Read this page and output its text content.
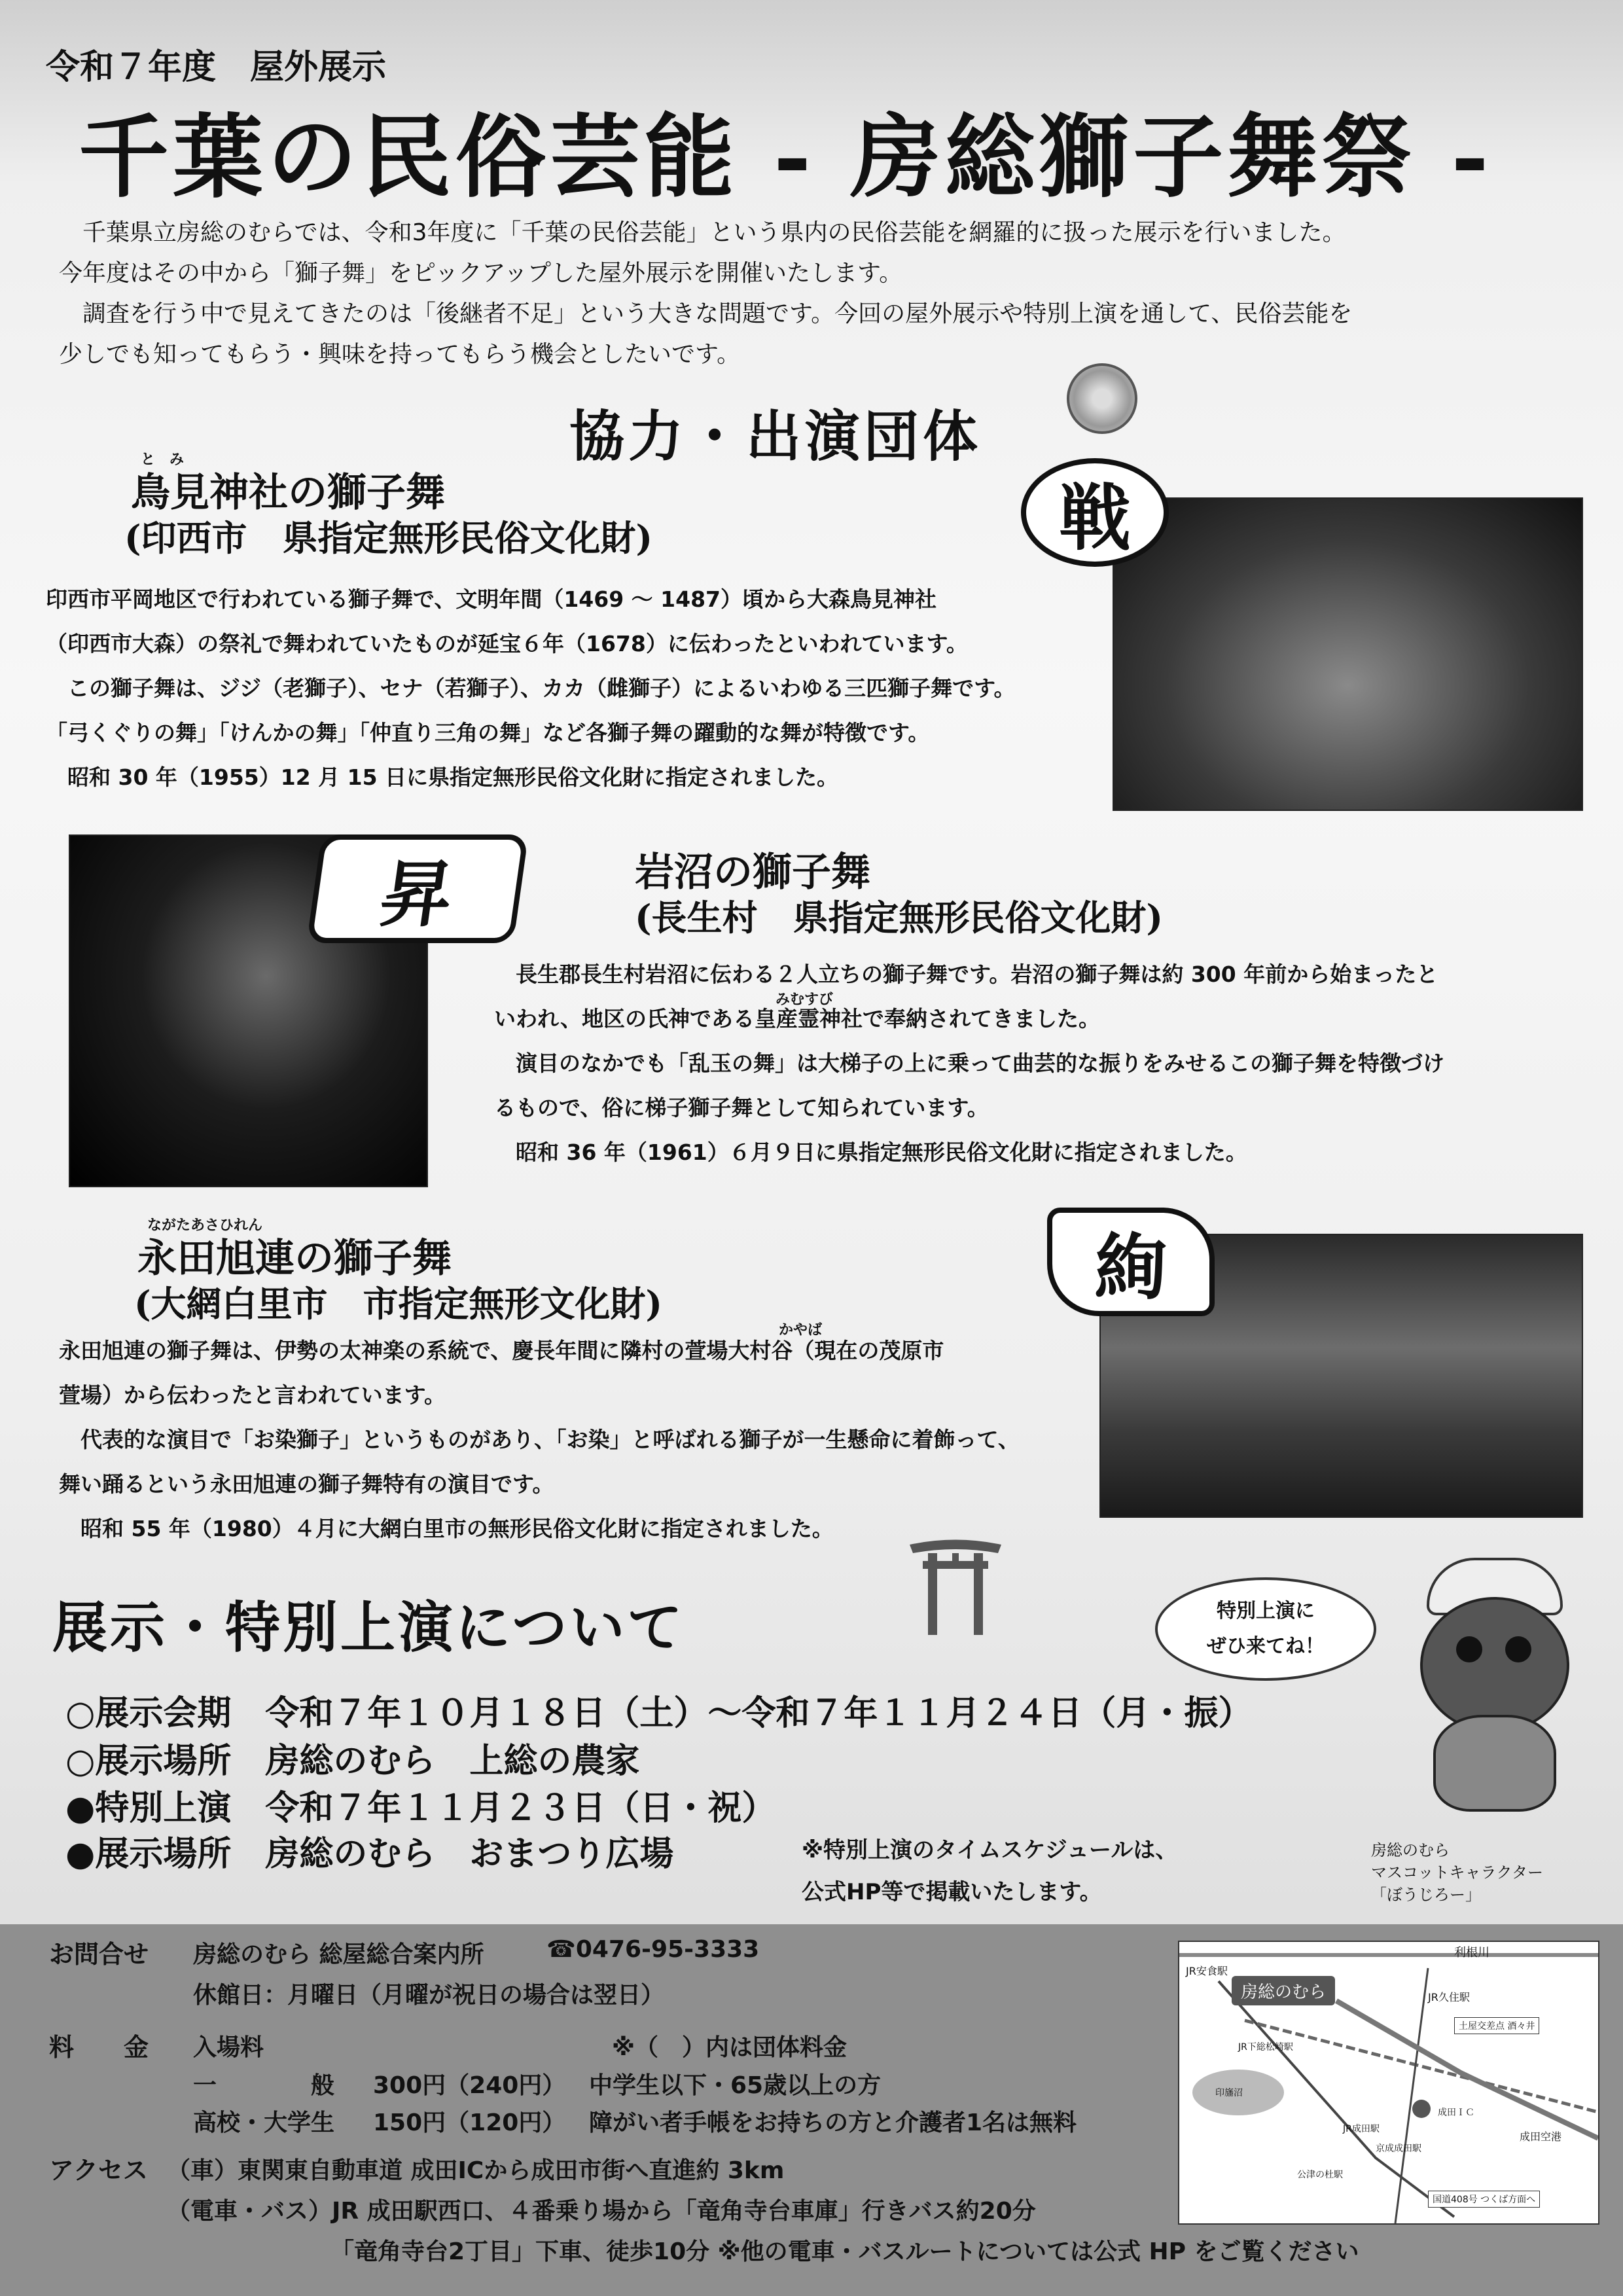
令和７年度　屋外展示
千葉の民俗芸能 - 房総獅子舞祭 -
千葉県立房総のむらでは、令和3年度に「千葉の民俗芸能」という県内の民俗芸能を網羅的に扱った展示を行いました。
今年度はその中から「獅子舞」をピックアップした屋外展示を開催いたします。
調査を行う中で見えてきたのは「後継者不足」という大きな問題です。今回の屋外展示や特別上演を通して、民俗芸能を
少しでも知ってもらう・興味を持ってもらう機会としたいです。
協力・出演団体
と　み
鳥見神社の獅子舞
(印西市　県指定無形民俗文化財)
印西市平岡地区で行われている獅子舞で、文明年間（1469 ～ 1487）頃から大森鳥見神社
（印西市大森）の祭礼で舞われていたものが延宝６年（1678）に伝わったといわれています。
この獅子舞は、ジジ（老獅子）、セナ（若獅子）、カカ（雌獅子）によるいわゆる三匹獅子舞です。
「弓くぐりの舞」「けんかの舞」「仲直り三角の舞」など各獅子舞の躍動的な舞が特徴です。
昭和 30 年（1955）12 月 15 日に県指定無形民俗文化財に指定されました。
戦
昇	岩沼の獅子舞
(長生村　県指定無形民俗文化財)
みむすび
長生郡長生村岩沼に伝わる２人立ちの獅子舞です。岩沼の獅子舞は約 300 年前から始まったと
いわれ、地区の氏神である皇産霊神社で奉納されてきました。
演目のなかでも「乱玉の舞」は大梯子の上に乗って曲芸的な振りをみせるこの獅子舞を特徴づけ
るもので、俗に梯子獅子舞として知られています。
昭和 36 年（1961）６月９日に県指定無形民俗文化財に指定されました。
ながたあさひれん
永田旭連の獅子舞
(大網白里市　市指定無形文化財)
かやば
永田旭連の獅子舞は、伊勢の太神楽の系統で、慶長年間に隣村の萱場大村谷（現在の茂原市
萱場）から伝わったと言われています。
代表的な演目で「お染獅子」というものがあり、「お染」と呼ばれる獅子が一生懸命に着飾って、
舞い踊るという永田旭連の獅子舞特有の演目です。
昭和 55 年（1980）４月に大網白里市の無形民俗文化財に指定されました。
絢
展示・特別上演について
○展示会期　令和７年１０月１８日（土）～令和７年１１月２４日（月・振）
○展示場所　房総のむら　上総の農家
●特別上演　令和７年１１月２３日（日・祝）
●展示場所　房総のむら　おまつり広場	※特別上演のタイムスケジュールは、
公式HP等で掲載いたします。
特別上演に
ぜひ来てね！
房総のむら
マスコットキャラクター
「ぼうじろー」
お問合せ 房総のむら 総屋総合案内所	☎0476-95-3333
休館日：月曜日（月曜が祝日の場合は翌日）
料　　金 入場料	※（　）内は団体料金
一　　　　般 300円（240円） 中学生以下・65歳以上の方
高校・大学生 150円（120円） 障がい者手帳をお持ちの方と介護者1名は無料
アクセス （車）東関東自動車道 成田ICから成田市街へ直進約 3km
（電車・バス）JR 成田駅西口、４番乗り場から「竜角寺台車庫」行きバス約20分
「竜角寺台2丁目」下車、徒歩10分 ※他の電車・バスルートについては公式 HP をご覧ください
房総のむら
利根川
JR安食駅
JR久住駅
成田空港
成田ＩＣ
JR成田駅
京成成田駅
国道408号 つくば方面へ
土屋交差点 酒々井
印旛沼
公津の杜駅
JR下総松崎駅
